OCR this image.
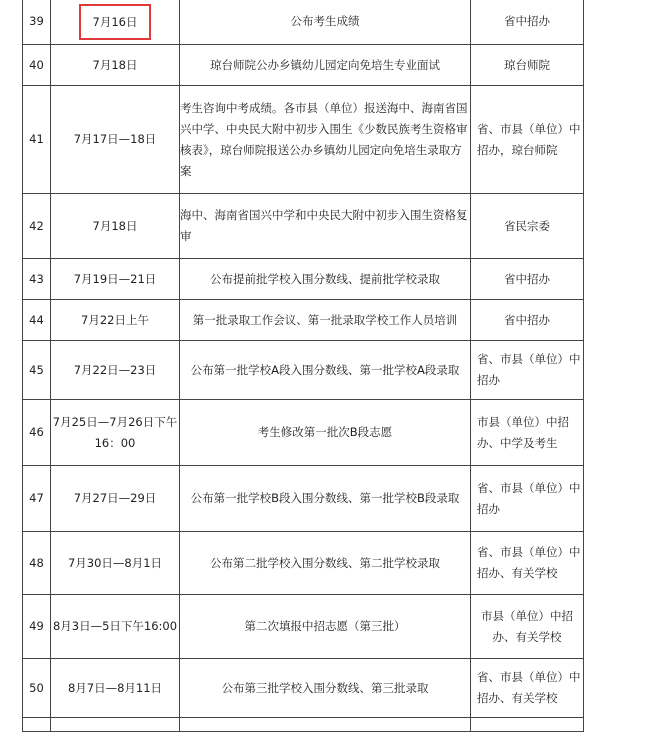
39	7月16日	公布考生成绩	省中招办
40	7月18日	琼台师院公办乡镇幼儿园定向免培生专业面试	琼台师院
41	7月17日—18日	考生咨询中考成绩。各市县（单位）报送海中、海南省国兴中学、中央民大附中初步入围生《少数民族考生资格审核表》，琼台师院报送公办乡镇幼儿园定向免培生录取方案	省、市县（单位）中招办，琼台师院
42	7月18日	海中、海南省国兴中学和中央民大附中初步入围生资格复审	省民宗委
43	7月19日—21日	公布提前批学校入围分数线、提前批学校录取	省中招办
44	7月22日上午	第一批录取工作会议、第一批录取学校工作人员培训	省中招办
45	7月22日—23日	公布第一批学校A段入围分数线、第一批学校A段录取	省、市县（单位）中招办
46	7月25日—7月26日下午16：00	考生修改第一批次B段志愿	市县（单位）中招办、中学及考生
47	7月27日—29日	公布第一批学校B段入围分数线、第一批学校B段录取	省、市县（单位）中招办
48	7月30日—8月1日	公布第二批学校入围分数线、第二批学校录取	省、市县（单位）中招办、有关学校
49	8月3日—5日下午16:00	第二次填报中招志愿（第三批）	市县（单位）中招办、有关学校
50	8月7日—8月11日	公布第三批学校入围分数线、第三批录取	省、市县（单位）中招办、有关学校
